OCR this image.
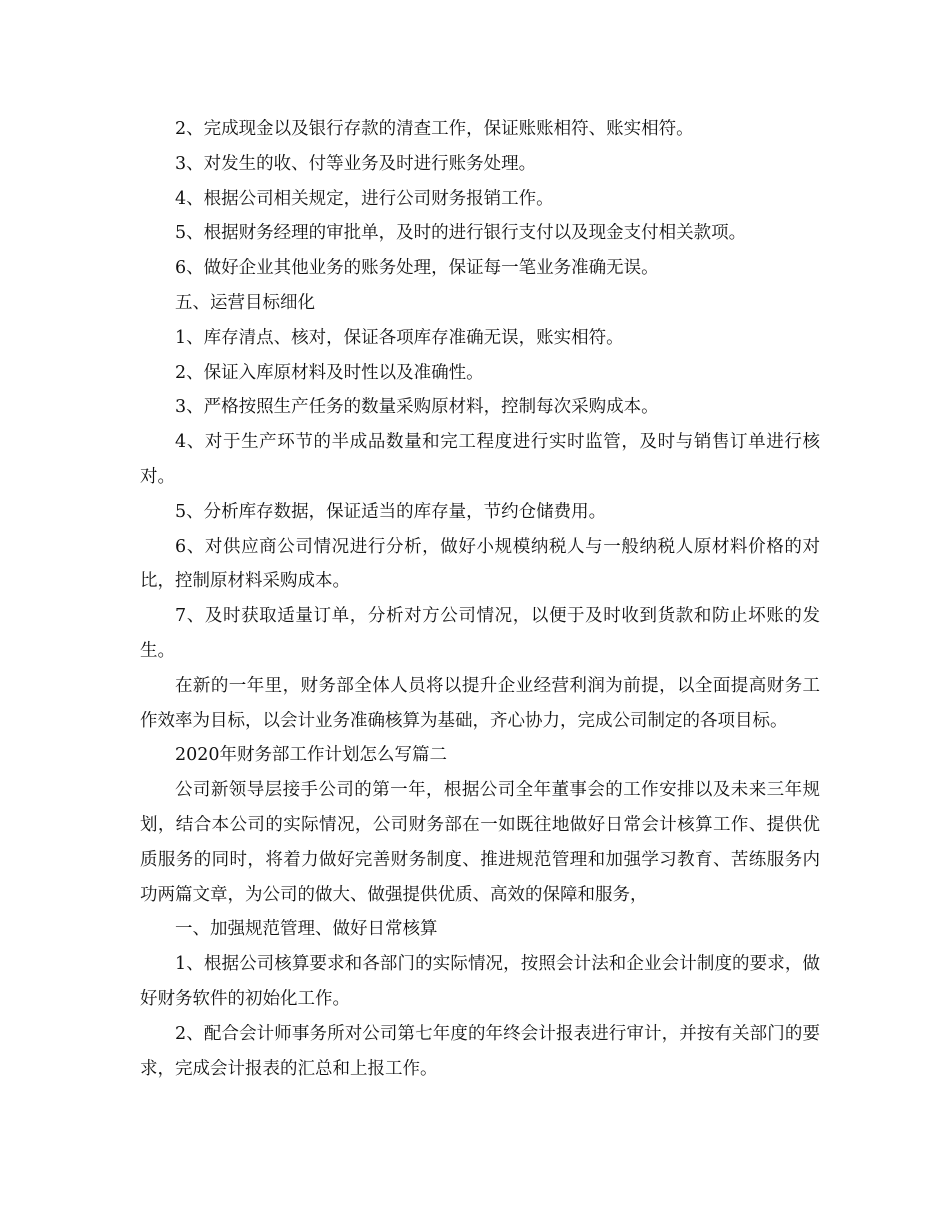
2、完成现金以及银行存款的清查工作，保证账账相符、账实相符。

3、对发生的收、付等业务及时进行账务处理。

4、根据公司相关规定，进行公司财务报销工作。

5、根据财务经理的审批单，及时的进行银行支付以及现金支付相关款项。

6、做好企业其他业务的账务处理，保证每一笔业务准确无误。

五、运营目标细化

1、库存清点、核对，保证各项库存准确无误，账实相符。

2、保证入库原材料及时性以及准确性。

3、严格按照生产任务的数量采购原材料，控制每次采购成本。

4、对于生产环节的半成品数量和完工程度进行实时监管，及时与销售订单进行核对。

5、分析库存数据，保证适当的库存量，节约仓储费用。

6、对供应商公司情况进行分析，做好小规模纳税人与一般纳税人原材料价格的对比，控制原材料采购成本。

7、及时获取适量订单，分析对方公司情况，以便于及时收到货款和防止坏账的发生。

在新的一年里，财务部全体人员将以提升企业经营利润为前提，以全面提高财务工作效率为目标，以会计业务准确核算为基础，齐心协力，完成公司制定的各项目标。

2020年财务部工作计划怎么写篇二

公司新领导层接手公司的第一年，根据公司全年董事会的工作安排以及未来三年规划，结合本公司的实际情况，公司财务部在一如既往地做好日常会计核算工作、提供优质服务的同时，将着力做好完善财务制度、推进规范管理和加强学习教育、苦练服务内功两篇文章，为公司的做大、做强提供优质、高效的保障和服务，

一、加强规范管理、做好日常核算

1、根据公司核算要求和各部门的实际情况，按照会计法和企业会计制度的要求，做好财务软件的初始化工作。

2、配合会计师事务所对公司第七年度的年终会计报表进行审计，并按有关部门的要求，完成会计报表的汇总和上报工作。
